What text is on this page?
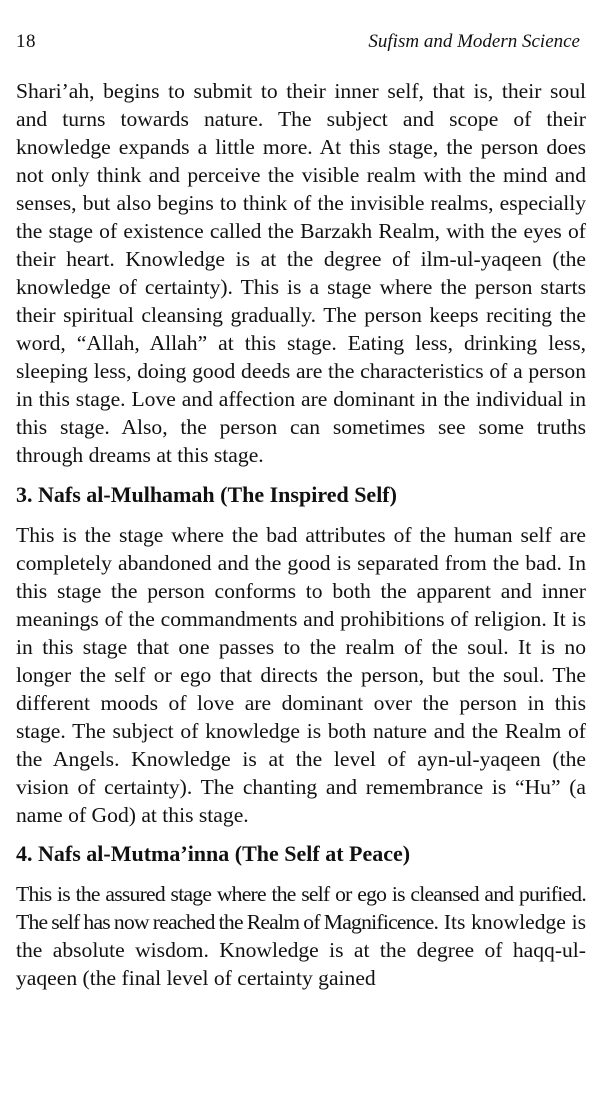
18	Sufism and Modern Science

Shari’ah, begins to submit to their inner self, that is, their soul and turns towards nature. The subject and scope of their knowledge expands a little more. At this stage, the person does not only think and perceive the visible realm with the mind and senses, but also begins to think of the invisible realms, especially the stage of existence called the Barzakh Realm, with the eyes of their heart. Knowledge is at the degree of ilm-ul-yaqeen (the knowledge of certainty). This is a stage where the person starts their spiritual cleansing gradually. The person keeps reciting the word, “Allah, Allah” at this stage. Eating less, drinking less, sleeping less, doing good deeds are the characteristics of a person in this stage. Love and affection are dominant in the individual in this stage. Also, the person can sometimes see some truths through dreams at this stage.

3. Nafs al-Mulhamah (The Inspired Self)

This is the stage where the bad attributes of the human self are completely abandoned and the good is separated from the bad. In this stage the person conforms to both the apparent and inner meanings of the commandments and prohibitions of religion. It is in this stage that one passes to the realm of the soul. It is no longer the self or ego that directs the person, but the soul. The different moods of love are dominant over the person in this stage. The subject of knowledge is both nature and the Realm of the Angels. Knowledge is at the level of ayn-ul-yaqeen (the vision of certainty). The chanting and remembrance is “Hu” (a name of God) at this stage.

4. Nafs al-Mutma’inna (The Self at Peace)

This is the assured stage where the self or ego is cleansed and purified. The self has now reached the Realm of Magnificence. Its knowledge is the absolute wisdom. Knowledge is at the degree of haqq-ul-yaqeen (the final level of certainty gained
